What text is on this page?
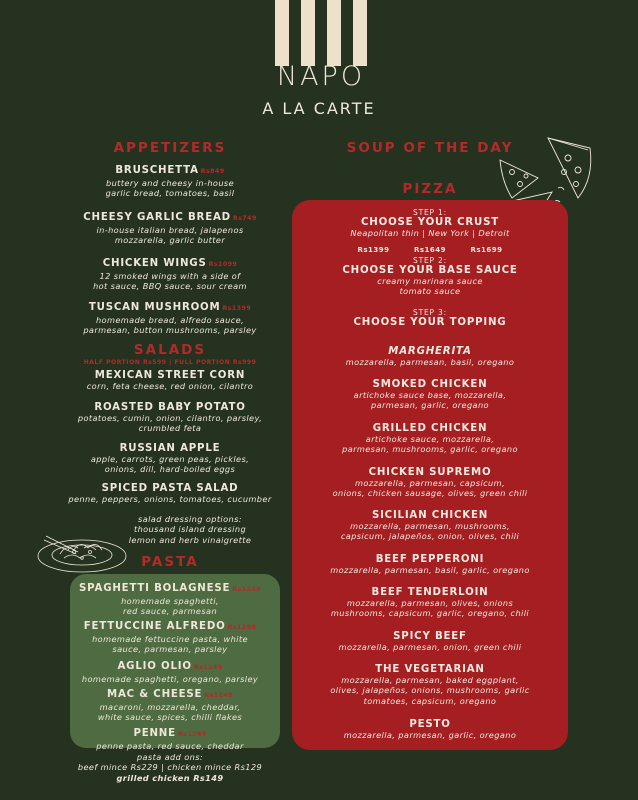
NAPO
A LA CARTE
APPETIZERS
BRUSCHETTA Rs849
buttery and cheesy in-house
garlic bread, tomatoes, basil
CHEESY GARLIC BREAD Rs749
in-house italian bread, jalapenos
mozzarella, garlic butter
CHICKEN WINGS Rs1099
12 smoked wings with a side of
hot sauce, BBQ sauce, sour cream
TUSCAN MUSHROOM Rs1399
homemade bread, alfredo sauce,
parmesan, button mushrooms, parsley
SALADS
HALF PORTION Rs599 | FULL PORTION Rs999
MEXICAN STREET CORN
corn, feta cheese, red onion, cilantro
ROASTED BABY POTATO
potatoes, cumin, onion, cilantro, parsley,
crumbled feta
RUSSIAN APPLE
apple, carrots, green peas, pickles,
onions, dill, hard-boiled eggs
SPICED PASTA SALAD
penne, peppers, onions, tomatoes, cucumber
salad dressing options:
thousand island dressing
lemon and herb vinaigrette
PASTA
SPAGHETTI BOLAGNESE Rs1349
homemade spaghetti,
red sauce, parmesan
FETTUCCINE ALFREDO Rs1299
homemade fettuccine pasta, white
sauce, parmesan, parsley
AGLIO OLIO Rs1249
homemade spaghetti, oregano, parsley
MAC & CHEESE Rs1249
macaroni, mozzarella, cheddar,
white sauce, spices, chilli flakes
PENNE Rs1249
penne pasta, red sauce, cheddar
pasta add ons:
beef mince Rs229 | chicken mince Rs129
grilled chicken Rs149
SOUP OF THE DAY
PIZZA
STEP 1:
CHOOSE YOUR CRUST
Neapolitan thin | New York | Detroit
Rs1399	Rs1649	Rs1699
STEP 2:
CHOOSE YOUR BASE SAUCE
creamy marinara sauce
tomato sauce
STEP 3:
CHOOSE YOUR TOPPING
MARGHERITA
mozzarella, parmesan, basil, oregano
SMOKED CHICKEN
artichoke sauce base, mozzarella,
parmesan, garlic, oregano
GRILLED CHICKEN
artichoke sauce, mozzarella,
parmesan, mushrooms, garlic, oregano
CHICKEN SUPREMO
mozzarella, parmesan, capsicum,
onions, chicken sausage, olives, green chili
SICILIAN CHICKEN
mozzarella, parmesan, mushrooms,
capsicum, jalapeños, onion, olives, chili
BEEF PEPPERONI
mozzarella, parmesan, basil, garlic, oregano
BEEF TENDERLOIN
mozzarella, parmesan, olives, onions
mushrooms, capsicum, garlic, oregano, chili
SPICY BEEF
mozzarella, parmesan, onion, green chili
THE VEGETARIAN
mozzarella, parmesan, baked eggplant,
olives, jalapeños, onions, mushrooms, garlic
tomatoes, capsicum, oregano
PESTO
mozzarella, parmesan, garlic, oregano
